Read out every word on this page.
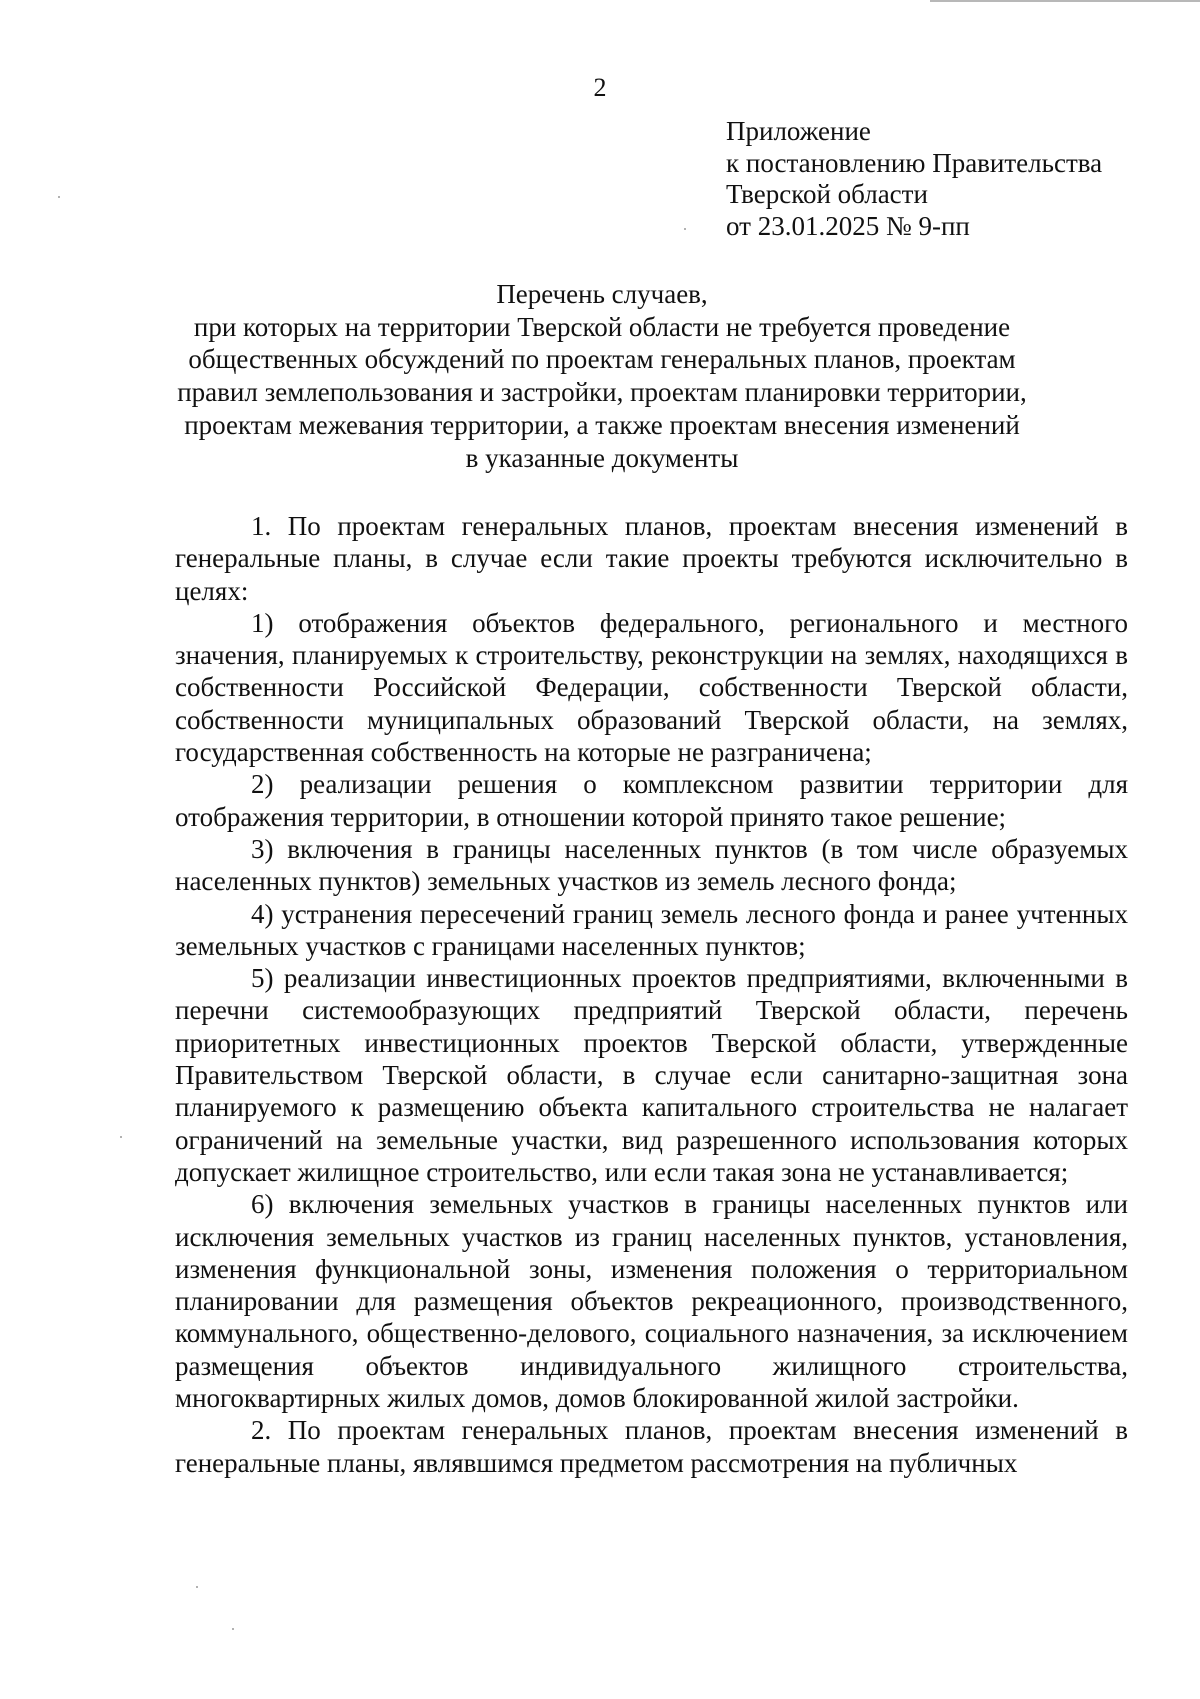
2
Приложение
к постановлению Правительства
Тверской области
от 23.01.2025 № 9-пп
Перечень случаев,
при которых на территории Тверской области не требуется проведение
общественных обсуждений по проектам генеральных планов, проектам
правил землепользования и застройки, проектам планировки территории,
проектам межевания территории, а также проектам внесения изменений
в указанные документы

1. По проектам генеральных планов, проектам внесения изменений в генеральные планы, в случае если такие проекты требуются исключительно в целях:

1) отображения объектов федерального, регионального и местного значения, планируемых к строительству, реконструкции на землях, находящихся в собственности Российской Федерации, собственности Тверской области, собственности муниципальных образований Тверской области, на землях, государственная собственность на которые не разграничена;

2) реализации решения о комплексном развитии территории для отображения территории, в отношении которой принято такое решение;

3) включения в границы населенных пунктов (в том числе образуемых населенных пунктов) земельных участков из земель лесного фонда;

4) устранения пересечений границ земель лесного фонда и ранее учтенных земельных участков с границами населенных пунктов;

5) реализации инвестиционных проектов предприятиями, включенными в перечни системообразующих предприятий Тверской области, перечень приоритетных инвестиционных проектов Тверской области, утвержденные Правительством Тверской области, в случае если санитарно-защитная зона планируемого к размещению объекта капитального строительства не налагает ограничений на земельные участки, вид разрешенного использования которых допускает жилищное строительство, или если такая зона не устанавливается;

6) включения земельных участков в границы населенных пунктов или исключения земельных участков из границ населенных пунктов, установления, изменения функциональной зоны, изменения положения о территориальном планировании для размещения объектов рекреационного, производственного, коммунального, общественно-делового, социального назначения, за исключением размещения объектов индивидуального жилищного строительства, многоквартирных жилых домов, домов блокированной жилой застройки.

2. По проектам генеральных планов, проектам внесения изменений в генеральные планы, являвшимся предметом рассмотрения на публичных
